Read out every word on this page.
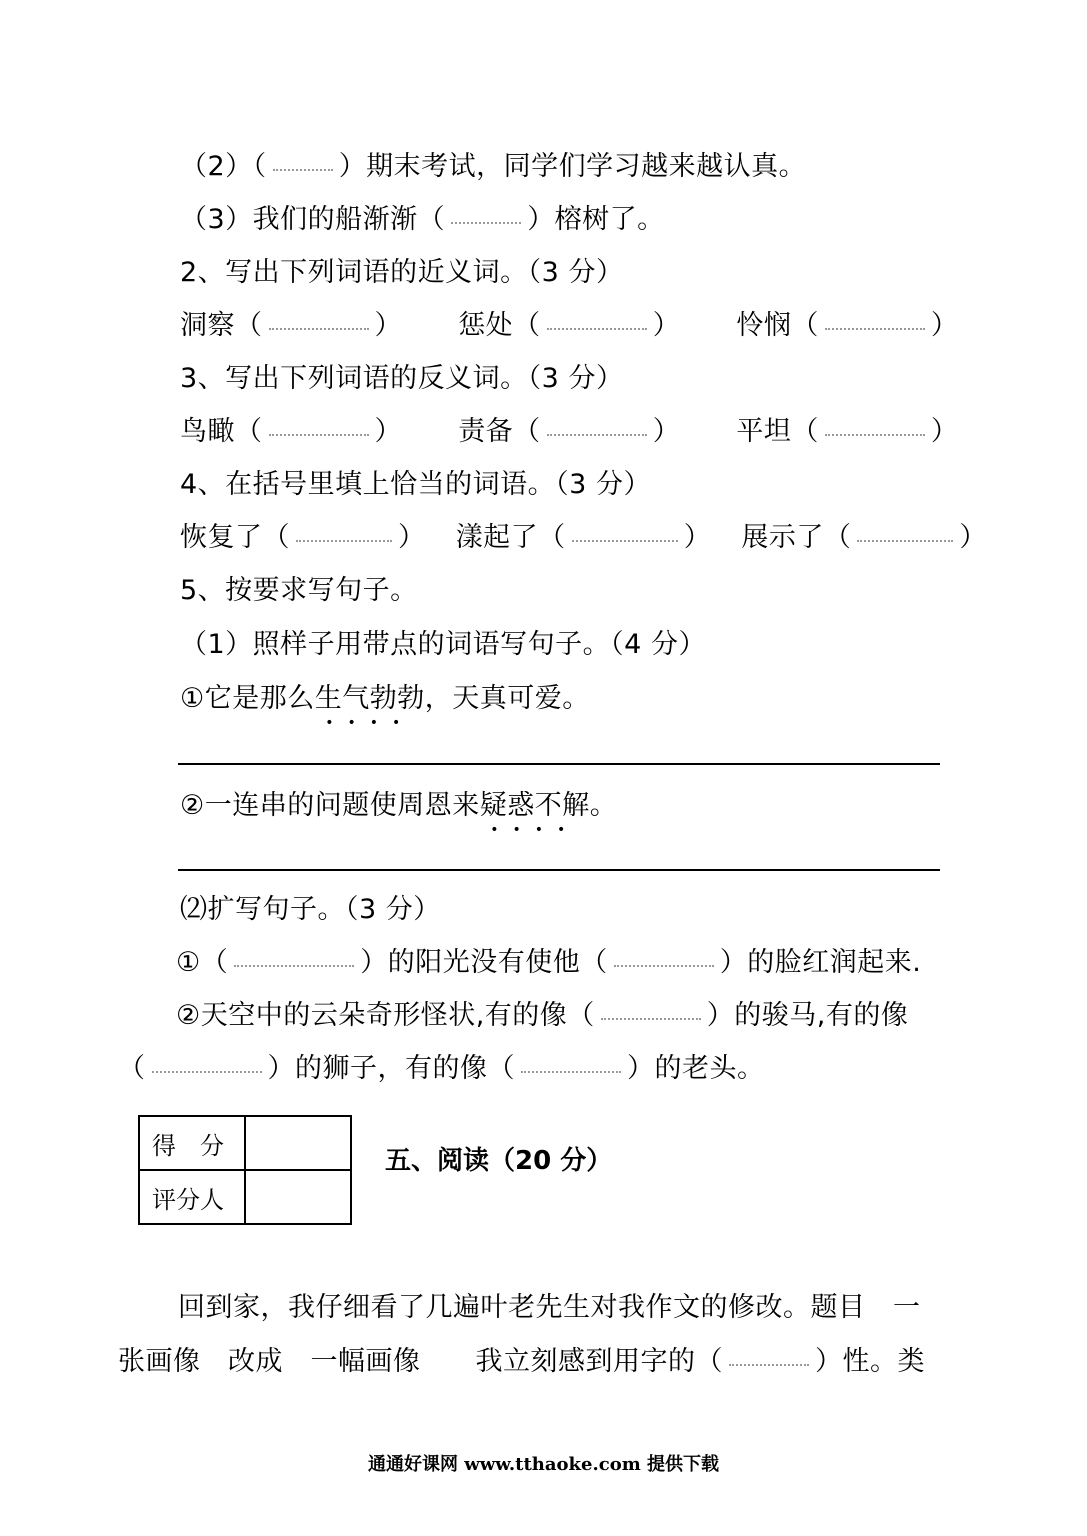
（2）（	）期末考试，同学们学习越来越认真。
（3）我们的船渐渐（	）榕树了。
2、写出下列词语的近义词。（3 分）
洞察（	） 惩处（	） 怜悯（	）
3、写出下列词语的反义词。（3 分）
鸟瞰（	） 责备（	） 平坦（	）
4、在括号里填上恰当的词语。（3 分）
恢复了（	） 漾起了（	） 展示了（	）
5、按要求写句子。
（1）照样子用带点的词语写句子。（4 分）
①它是那么生气勃勃
••••
，天真可爱。
②一连串的问题使周恩来疑惑不解
••••
。
⑵扩写句子。（3 分）
①（	）的阳光没有使他（	）的脸红润起来.
②天空中的云朵奇形怪状,有的像（	）的骏马,有的像
（	）的狮子，有的像（	）的老头。
得　分	
评分人	
五、阅读（20 分）
回到家，我仔细看了几遍叶老先生对我作文的修改。题目　一
张画像　改成　一幅画像　　我立刻感到用字的（	）性。类
通通好课网 www.tthaoke.com 提供下载
